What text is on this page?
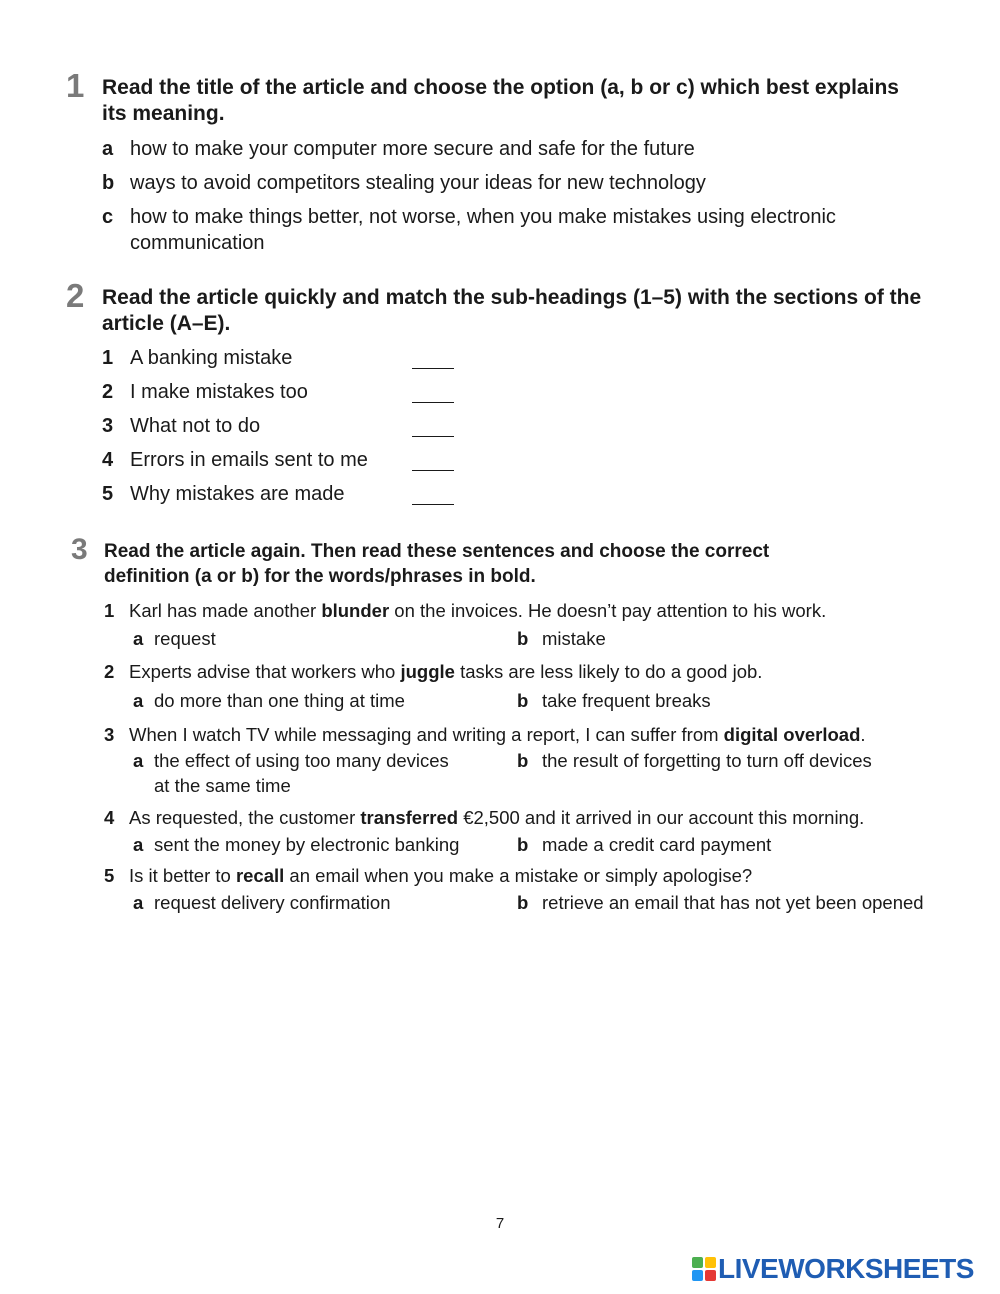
1 Read the title of the article and choose the option (a, b or c) which best explains
its meaning.
a how to make your computer more secure and safe for the future
b ways to avoid competitors stealing your ideas for new technology
c how to make things better, not worse, when you make mistakes using electronic
communication
2 Read the article quickly and match the sub-headings (1–5) with the sections of the
article (A–E).
1 A banking mistake
2 I make mistakes too
3 What not to do
4 Errors in emails sent to me
5 Why mistakes are made
3 Read the article again. Then read these sentences and choose the correct
definition (a or b) for the words/phrases in bold.
1 Karl has made another blunder on the invoices. He doesn’t pay attention to his work.
a request	b mistake
2 Experts advise that workers who juggle tasks are less likely to do a good job.
a do more than one thing at time	b take frequent breaks
3 When I watch TV while messaging and writing a report, I can suffer from digital overload.
a the effect of using too many devices
at the same time
b the result of forgetting to turn off devices
4 As requested, the customer transferred €2,500 and it arrived in our account this morning.
a sent the money by electronic banking	b made a credit card payment
5 Is it better to recall an email when you make a mistake or simply apologise?
a request delivery confirmation	b retrieve an email that has not yet been opened
7
LIVEWORKSHEETS
